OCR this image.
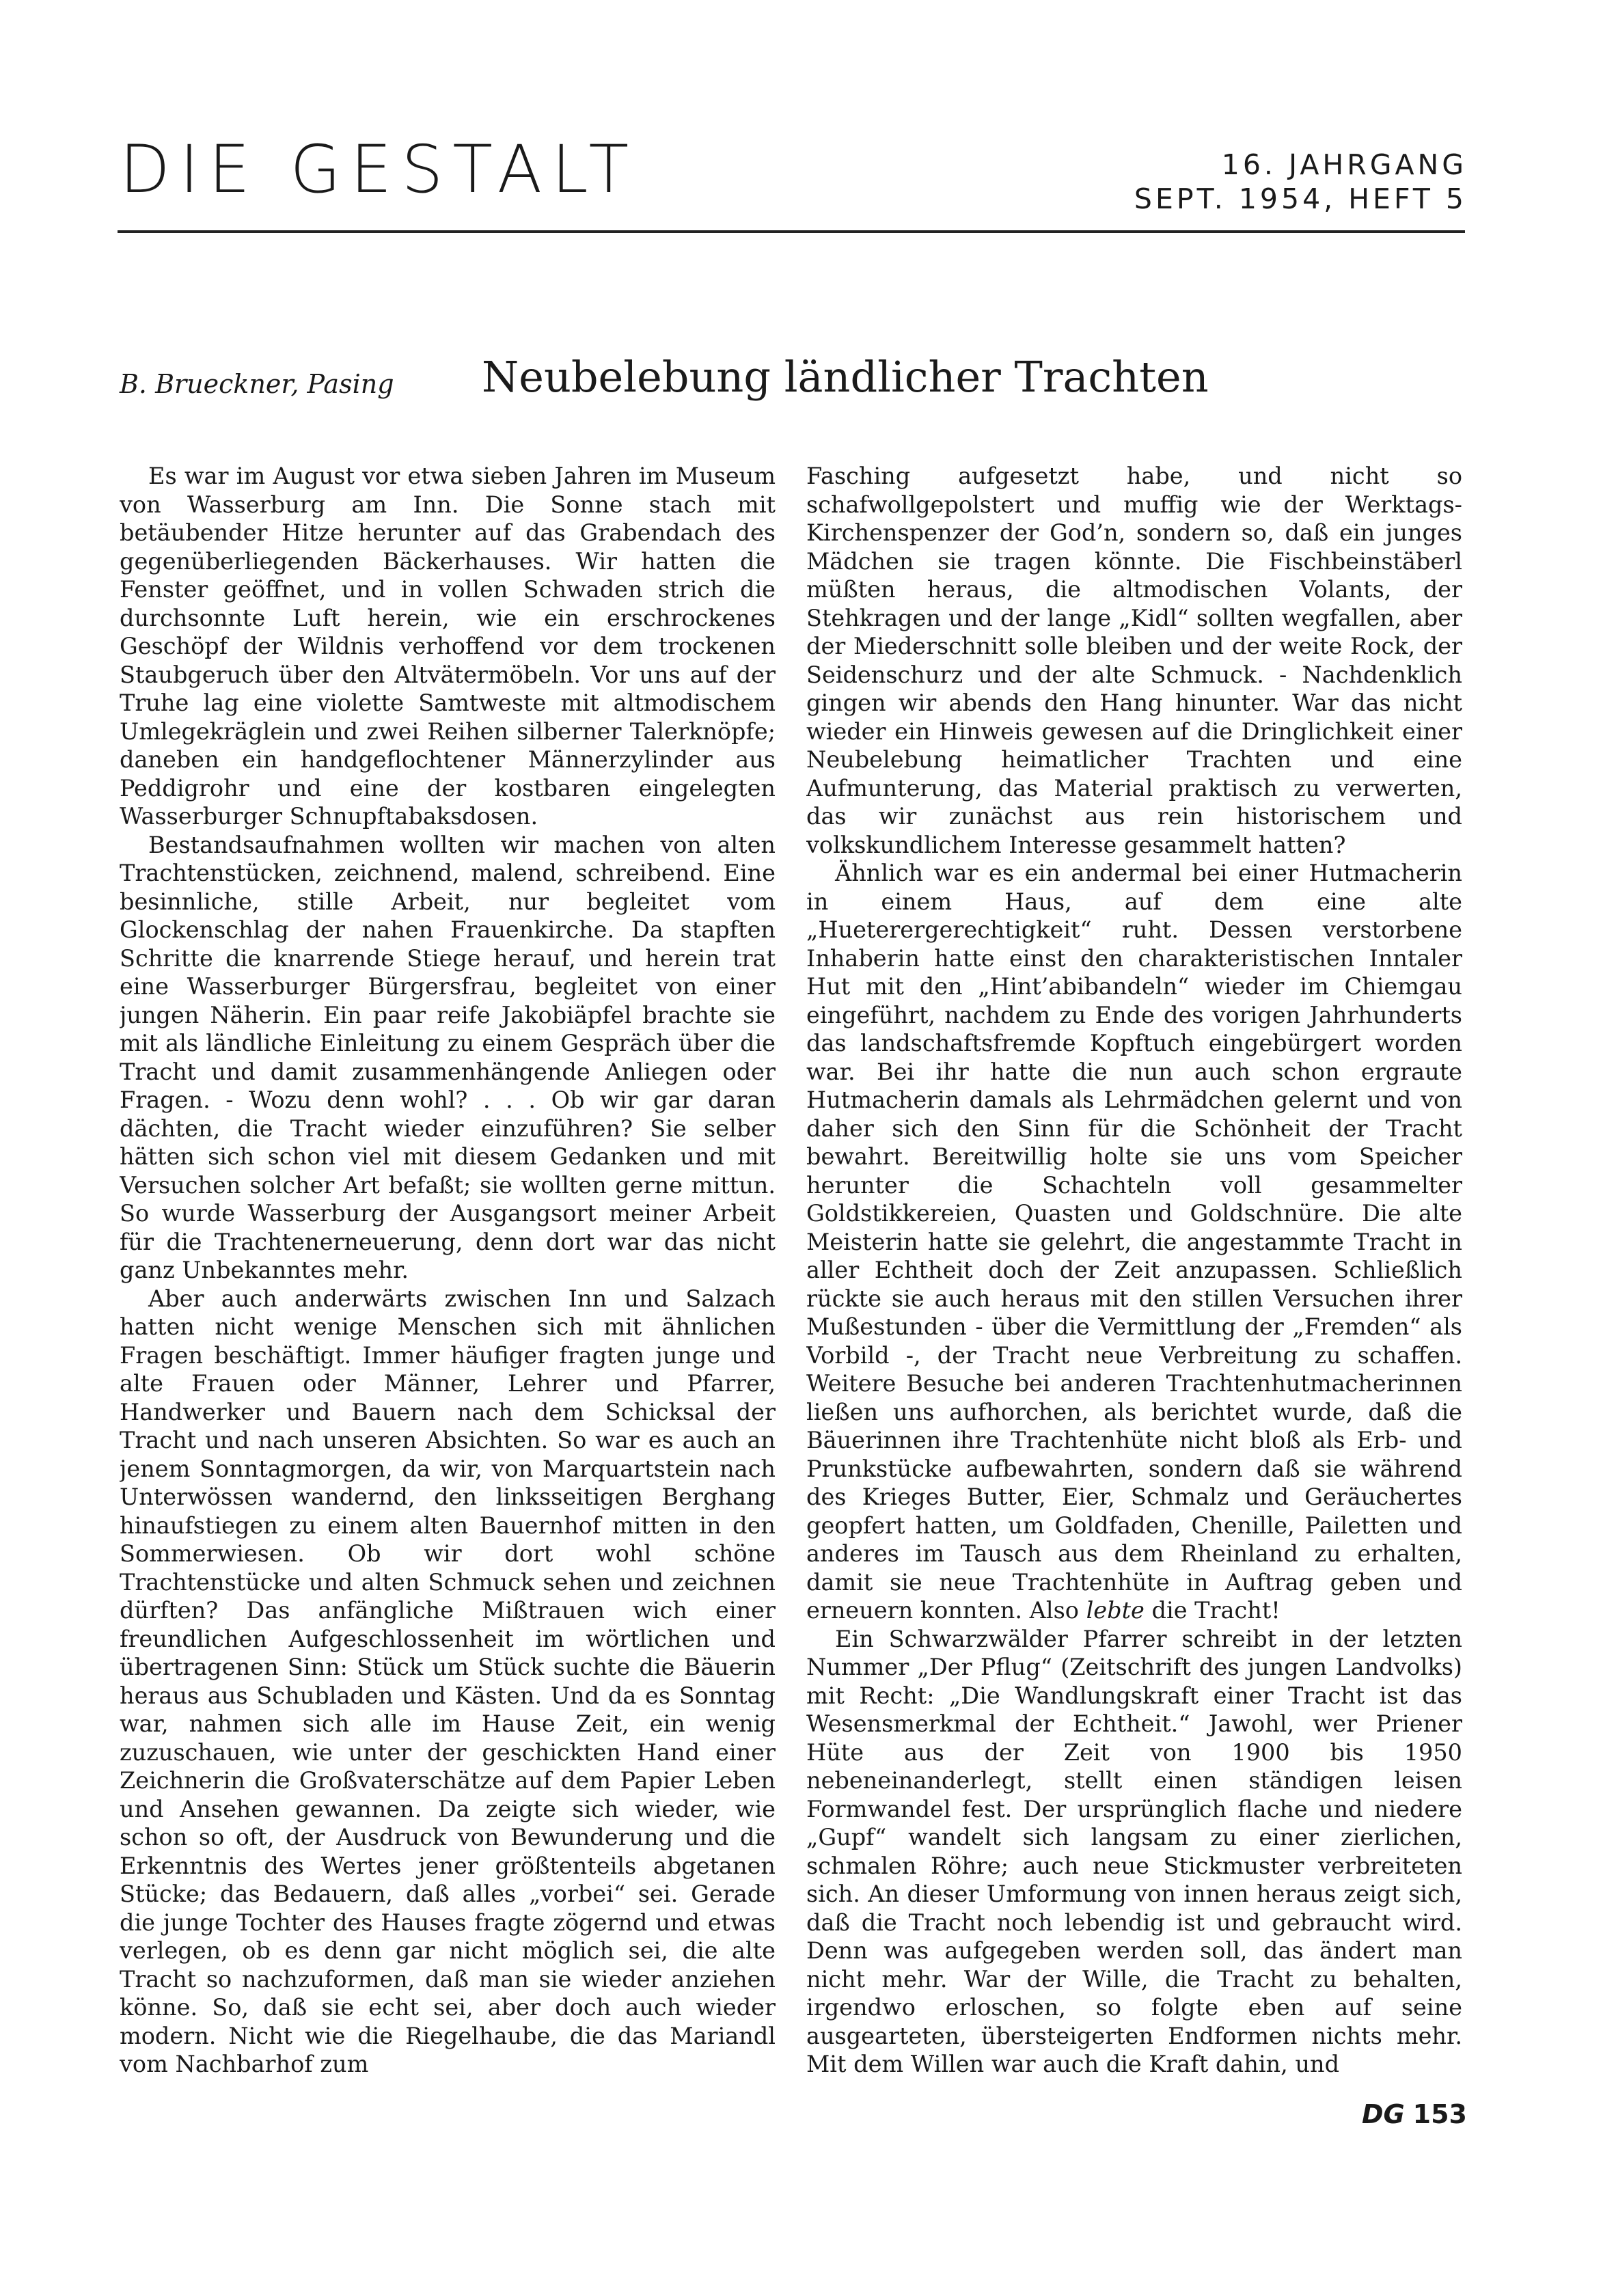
DIE GESTALT	16. JAHRGANG
SEPT. 1954, HEFT 5
B. Brueckner, Pasing Neubelebung ländlicher Trachten

Es war im August vor etwa sieben Jahren im Museum von Wasserburg am Inn. Die Sonne stach mit betäubender Hitze herunter auf das Grabendach des gegenüberliegenden Bäckerhauses. Wir hatten die Fenster geöffnet, und in vollen Schwaden strich die durchsonnte Luft herein, wie ein erschrockenes Geschöpf der Wildnis verhoffend vor dem trockenen Staubgeruch über den Altvätermöbeln. Vor uns auf der Truhe lag eine violette Samtweste mit altmodischem Umlegekräglein und zwei Reihen silberner Talerknöpfe; daneben ein handgeflochtener Männerzylinder aus Peddigrohr und eine der kostbaren eingelegten Wasserburger Schnupftabaksdosen.

Bestandsaufnahmen wollten wir machen von alten Trachtenstücken, zeichnend, malend, schreibend. Eine besinnliche, stille Arbeit, nur begleitet vom Glockenschlag der nahen Frauenkirche. Da stapften Schritte die knarrende Stiege herauf, und herein trat eine Wasserburger Bürgersfrau, begleitet von einer jungen Näherin. Ein paar reife Jakobiäpfel brachte sie mit als ländliche Einleitung zu einem Gespräch über die Tracht und damit zusammenhängende Anliegen oder Fragen. - Wozu denn wohl? . . . Ob wir gar daran dächten, die Tracht wieder einzuführen? Sie selber hätten sich schon viel mit diesem Gedanken und mit Versuchen solcher Art befaßt; sie wollten gerne mittun. So wurde Wasserburg der Ausgangsort meiner Arbeit für die Trachtenerneuerung, denn dort war das nicht ganz Unbekanntes mehr.

Aber auch anderwärts zwischen Inn und Salzach hatten nicht wenige Menschen sich mit ähnlichen Fragen beschäftigt. Immer häufiger fragten junge und alte Frauen oder Männer, Lehrer und Pfarrer, Handwerker und Bauern nach dem Schicksal der Tracht und nach unseren Absichten. So war es auch an jenem Sonntagmorgen, da wir, von Marquartstein nach Unterwössen wandernd, den linksseitigen Berghang hinaufstiegen zu einem alten Bauernhof mitten in den Sommerwiesen. Ob wir dort wohl schöne Trachtenstücke und alten Schmuck sehen und zeichnen dürften? Das anfängliche Mißtrauen wich einer freundlichen Aufgeschlossenheit im wörtlichen und übertragenen Sinn: Stück um Stück suchte die Bäuerin heraus aus Schubladen und Kästen. Und da es Sonntag war, nahmen sich alle im Hause Zeit, ein wenig zuzuschauen, wie unter der geschickten Hand einer Zeichnerin die Großvaterschätze auf dem Papier Leben und Ansehen gewannen. Da zeigte sich wieder, wie schon so oft, der Ausdruck von Bewunderung und die Erkenntnis des Wertes jener größtenteils abgetanen Stücke; das Bedauern, daß alles „vorbei“ sei. Gerade die junge Tochter des Hauses fragte zögernd und etwas verlegen, ob es denn gar nicht möglich sei, die alte Tracht so nachzuformen, daß man sie wieder anziehen könne. So, daß sie echt sei, aber doch auch wieder modern. Nicht wie die Riegelhaube, die das Mariandl vom Nachbarhof zum

Fasching aufgesetzt habe, und nicht so schafwollgepolstert und muffig wie der Werktags-Kirchenspenzer der God’n, sondern so, daß ein junges Mädchen sie tragen könnte. Die Fischbeinstäberl müßten heraus, die altmodischen Volants, der Stehkragen und der lange „Kidl“ sollten wegfallen, aber der Miederschnitt solle bleiben und der weite Rock, der Seidenschurz und der alte Schmuck. - Nachdenklich gingen wir abends den Hang hinunter. War das nicht wieder ein Hinweis gewesen auf die Dringlichkeit einer Neubelebung heimatlicher Trachten und eine Aufmunterung, das Material praktisch zu verwerten, das wir zunächst aus rein historischem und volkskundlichem Interesse gesammelt hatten?

Ähnlich war es ein andermal bei einer Hutmacherin in einem Haus, auf dem eine alte „Hueterergerechtigkeit“ ruht. Dessen verstorbene Inhaberin hatte einst den charakteristischen Inntaler Hut mit den „Hint’abibandeln“ wieder im Chiemgau eingeführt, nachdem zu Ende des vorigen Jahrhunderts das landschaftsfremde Kopftuch eingebürgert worden war. Bei ihr hatte die nun auch schon ergraute Hutmacherin damals als Lehrmädchen gelernt und von daher sich den Sinn für die Schönheit der Tracht bewahrt. Bereitwillig holte sie uns vom Speicher herunter die Schachteln voll gesammelter Goldstikkereien, Quasten und Goldschnüre. Die alte Meisterin hatte sie gelehrt, die angestammte Tracht in aller Echtheit doch der Zeit anzupassen. Schließlich rückte sie auch heraus mit den stillen Versuchen ihrer Mußestunden - über die Vermittlung der „Fremden“ als Vorbild -, der Tracht neue Verbreitung zu schaffen. Weitere Besuche bei anderen Trachtenhutmacherinnen ließen uns aufhorchen, als berichtet wurde, daß die Bäuerinnen ihre Trachtenhüte nicht bloß als Erb- und Prunkstücke aufbewahrten, sondern daß sie während des Krieges Butter, Eier, Schmalz und Geräuchertes geopfert hatten, um Goldfaden, Chenille, Pailetten und anderes im Tausch aus dem Rheinland zu erhalten, damit sie neue Trachtenhüte in Auftrag geben und erneuern konnten. Also lebte die Tracht!

Ein Schwarzwälder Pfarrer schreibt in der letzten Nummer „Der Pflug“ (Zeitschrift des jungen Landvolks) mit Recht: „Die Wandlungskraft einer Tracht ist das Wesensmerkmal der Echtheit.“ Jawohl, wer Priener Hüte aus der Zeit von 1900 bis 1950 nebeneinanderlegt, stellt einen ständigen leisen Formwandel fest. Der ursprünglich flache und niedere „Gupf“ wandelt sich langsam zu einer zierlichen, schmalen Röhre; auch neue Stickmuster verbreiteten sich. An dieser Umformung von innen heraus zeigt sich, daß die Tracht noch lebendig ist und gebraucht wird. Denn was aufgegeben werden soll, das ändert man nicht mehr. War der Wille, die Tracht zu behalten, irgendwo erloschen, so folgte eben auf seine ausgearteten, übersteigerten Endformen nichts mehr. Mit dem Willen war auch die Kraft dahin, und

DG 153
